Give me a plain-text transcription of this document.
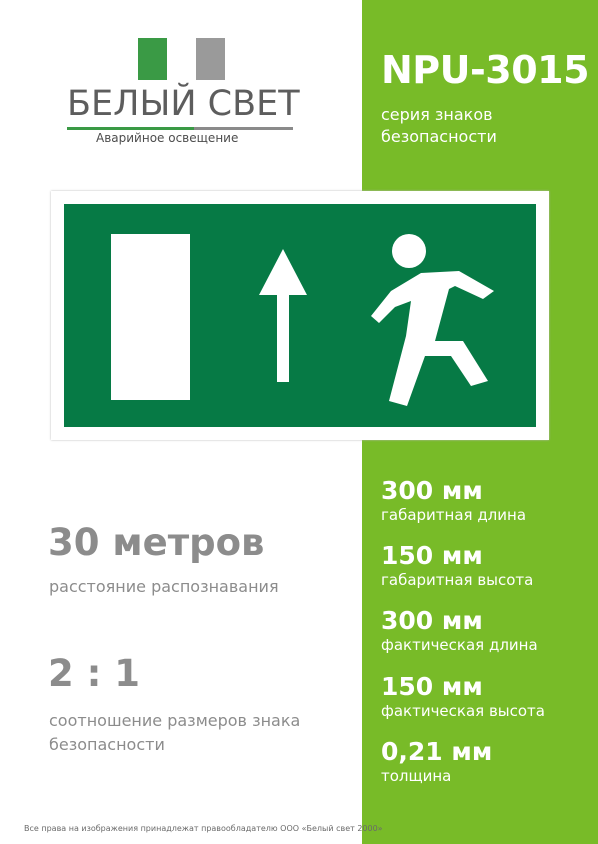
БЕЛЫЙ СВЕТ
Аварийное освещение
NPU-3015
серия знаков безопасности
30 метров
расстояние распознавания
2 : 1
соотношение размеров знака безопасности
300 мм
габаритная длина
150 мм
габаритная высота
300 мм
фактическая длина
150 мм
фактическая высота
0,21 мм
толщина
Все права на изображения принадлежат правообладателю ООО «Белый свет 2000»
